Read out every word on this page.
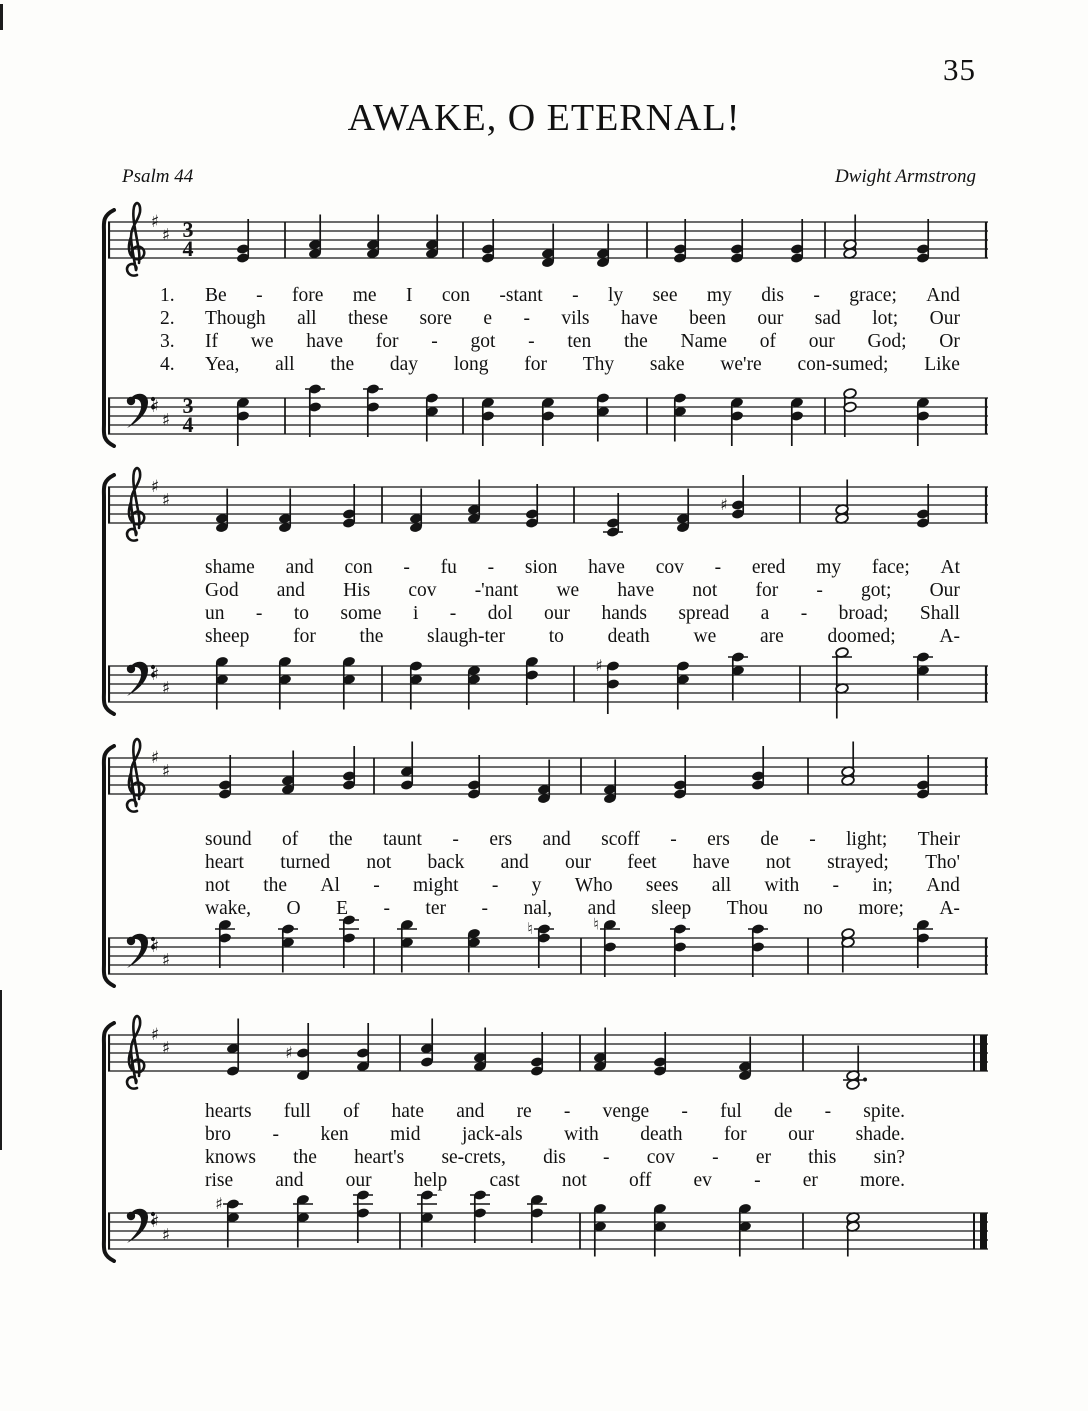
35
AWAKE, O ETERNAL!
Psalm 44	Dwight Armstrong
♯
♯ 3
4
1.	Be - fore me I con -stant - ly see my dis - grace; And
2.	Though all these sore e - vils have been our sad lot; Our
3.	If we have for - got - ten the Name of our God; Or
4.	Yea, all the day long for Thy sake we're con-sumed; Like
♯
♯
3
4
♯
♯	♯
shame and con - fu - sion have cov - ered my face; At
God and His cov -'nant we have not for - got; Our
un - to some i - dol our hands spread a - broad; Shall
sheep for the slaugh-ter to death we are doomed; A-
♯
♯
♯
♯
♯
sound of the taunt - ers and scoff - ers de - light; Their
heart turned not back and our feet have not strayed; Tho'
not the Al - might - y Who sees all with - in; And
wake, O E - ter - nal, and sleep Thou no more; A-
♯
♯
♮	♮
♯
♯	♯
hearts full of hate and re - venge - ful de - spite.
bro - ken mid jack-als with death for our shade.
knows the heart's se-crets, dis - cov - er this sin?
rise and our help cast not off ev - er more.
♯
♯
♯
